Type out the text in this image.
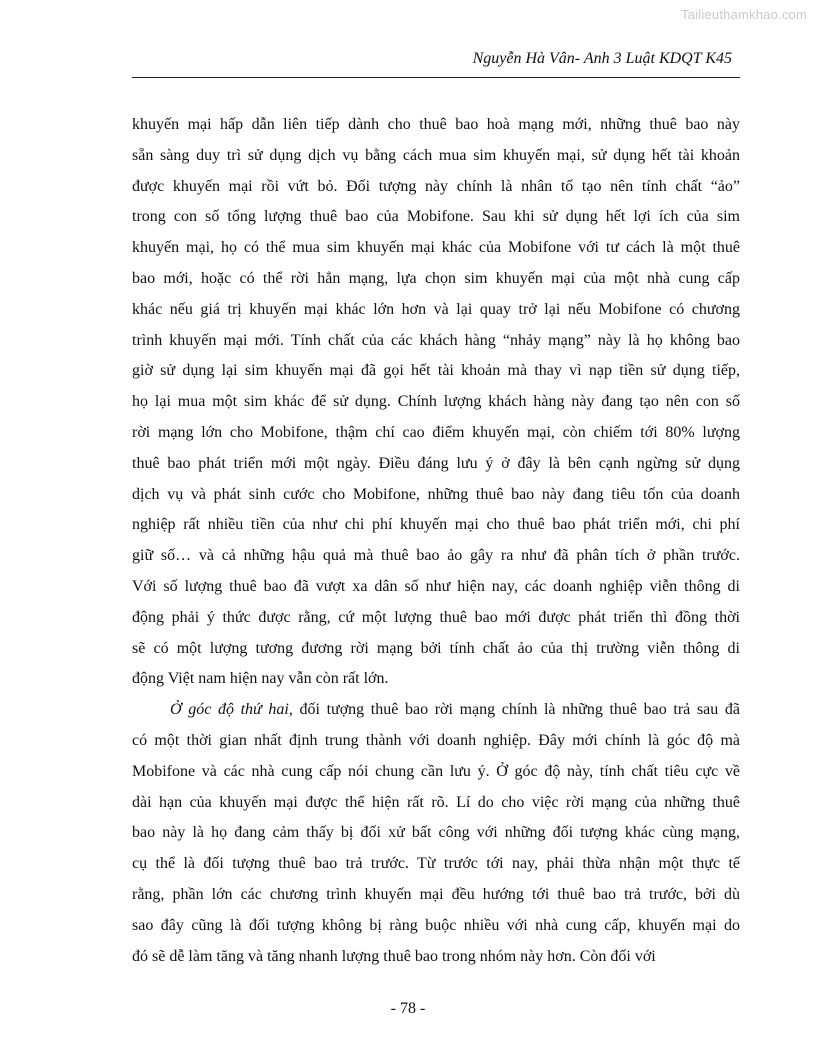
Tailieuthamkhao.com
Nguyễn Hà Vân- Anh 3 Luật KDQT K45
khuyến mại hấp dẫn liên tiếp dành cho thuê bao hoà mạng mới, những thuê bao này
sẵn sàng duy trì sử dụng dịch vụ bằng cách mua sim khuyến mại, sử dụng hết tài khoản
được khuyến mại rồi vứt bỏ. Đối tượng này chính là nhân tố tạo nên tính chất “ảo”
trong con số tổng lượng thuê bao của Mobifone. Sau khi sử dụng hết lợi ích của sim
khuyến mại, họ có thể mua sim khuyến mại khác của Mobifone với tư cách là một thuê
bao mới, hoặc có thể rời hẳn mạng, lựa chọn sim khuyến mại của một nhà cung cấp
khác nếu giá trị khuyến mại khác lớn hơn và lại quay trở lại nếu Mobifone có chương
trình khuyến mại mới. Tính chất của các khách hàng “nhảy mạng” này là họ không bao
giờ sử dụng lại sim khuyến mại đã gọi hết tài khoản mà thay vì nạp tiền sử dụng tiếp,
họ lại mua một sim khác để sử dụng. Chính lượng khách hàng này đang tạo nên con số
rời mạng lớn cho Mobifone, thậm chí cao điểm khuyến mại, còn chiếm tới 80% lượng
thuê bao phát triển mới một ngày. Điều đáng lưu ý ở đây là bên cạnh ngừng sử dụng
dịch vụ và phát sinh cước cho Mobifone, những thuê bao này đang tiêu tốn của doanh
nghiệp rất nhiều tiền của như chi phí khuyến mại cho thuê bao phát triển mới, chi phí
giữ số… và cả những hậu quả mà thuê bao ảo gây ra như đã phân tích ở phần trước.
Với số lượng thuê bao đã vượt xa dân số như hiện nay, các doanh nghiệp viễn thông di
động phải ý thức được rằng, cứ một lượng thuê bao mới được phát triển thì đồng thời
sẽ có một lượng tương đương rời mạng bởi tính chất ảo của thị trường viễn thông di
động Việt nam hiện nay vẫn còn rất lớn.
Ở góc độ thứ hai, đối tượng thuê bao rời mạng chính là những thuê bao trả sau đã
có một thời gian nhất định trung thành với doanh nghiệp. Đây mới chính là góc độ mà
Mobifone và các nhà cung cấp nói chung cần lưu ý. Ở góc độ này, tính chất tiêu cực về
dài hạn của khuyến mại được thể hiện rất rõ. Lí do cho việc rời mạng của những thuê
bao này là họ đang cảm thấy bị đối xử bất công với những đối tượng khác cùng mạng,
cụ thể là đối tượng thuê bao trả trước. Từ trước tới nay, phải thừa nhận một thực tế
rằng, phần lớn các chương trình khuyến mại đều hướng tới thuê bao trả trước, bởi dù
sao đây cũng là đối tượng không bị ràng buộc nhiều với nhà cung cấp, khuyến mại do
đó sẽ dễ làm tăng và tăng nhanh lượng thuê bao trong nhóm này hơn. Còn đối với
- 78 -
